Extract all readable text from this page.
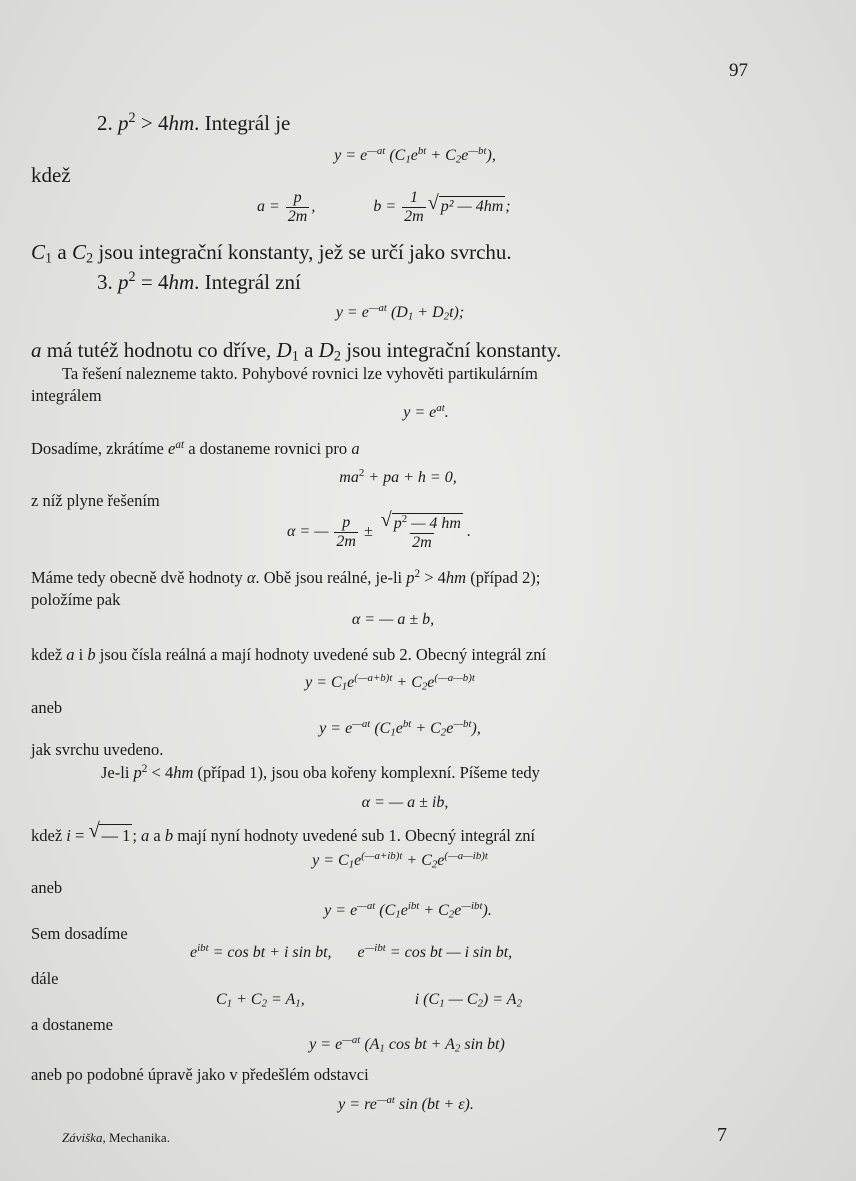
97
2. $p^2 > 4hm$. Integrál je
$y = e^{—at}$ $(C_1e^{bt} + C_2e^{—bt})$,
kdež
$a = \frac{p}{2m}$ ,	$b = \frac{1}{2m}$ √ p² — 4hm ;
$C_1$ a $C_2$ jsou integrační konstanty, jež se určí jako svrchu.
3. $p^2 = 4hm$. Integrál zní
$y = e^{—at}$ $(D_1 + D_2t)$;
a má tutéž hodnotu co dříve, $D_1$ a $D_2$ jsou integrační konstanty.
Ta řešení nalezneme takto. Pohybové rovnici lze vyhověti partikulárním
integrálem
$y = e^{at}$.
Dosadíme, zkrátíme $e^{at}$ a dostaneme rovnici pro a
$ma^2$ + pa + h = 0,
z níž plyne řešením
α = — $\frac{p}{2m} \pm \frac{√ p^2 — 4 hm}{2m}$ .
Máme tedy obecně dvě hodnoty α. Obě jsou reálné, je-li $p^2 > 4hm$ (případ 2);
položíme pak
α = — a ± b,
kdež a i b jsou čísla reálná a mají hodnoty uvedené sub 2. Obecný integrál zní
$y = C_1e^{(—a+b)t} + C_2e^{(—a—b)t}$
aneb
$y = e^{—at}$ $(C_1e^{bt} + C_2e^{—bt})$,
jak svrchu uvedeno.
Je-li $p^2 < 4hm$ (případ 1), jsou oba kořeny komplexní. Píšeme tedy
α = — a ± ib,
kdež i = √ — 1 ; a a b mají nyní hodnoty uvedené sub 1. Obecný integrál zní
$y = C_1e^{(—a+ib)t} + C_2e^{(—a—ib)t}$
aneb
$y = e^{—at}$ $(C_1e^{ibt} + C_2e^{—ibt})$.
Sem dosadíme
$e^{ibt} = \cos$ bt + i sin bt, $e^{—ibt} = \cos$ bt — i sin bt,
dále
$C_1 + C_2 = A_1$,	i ($C_1$ — $C_2) = A_2$
a dostaneme
$y = e^{—at}$ ($A_1$ cos bt + $A_2$ sin bt)
aneb po podobné úpravě jako v předešlém odstavci
$y = re^{—at}$ sin (bt + ε).
Záviška, Mechanika.	7
